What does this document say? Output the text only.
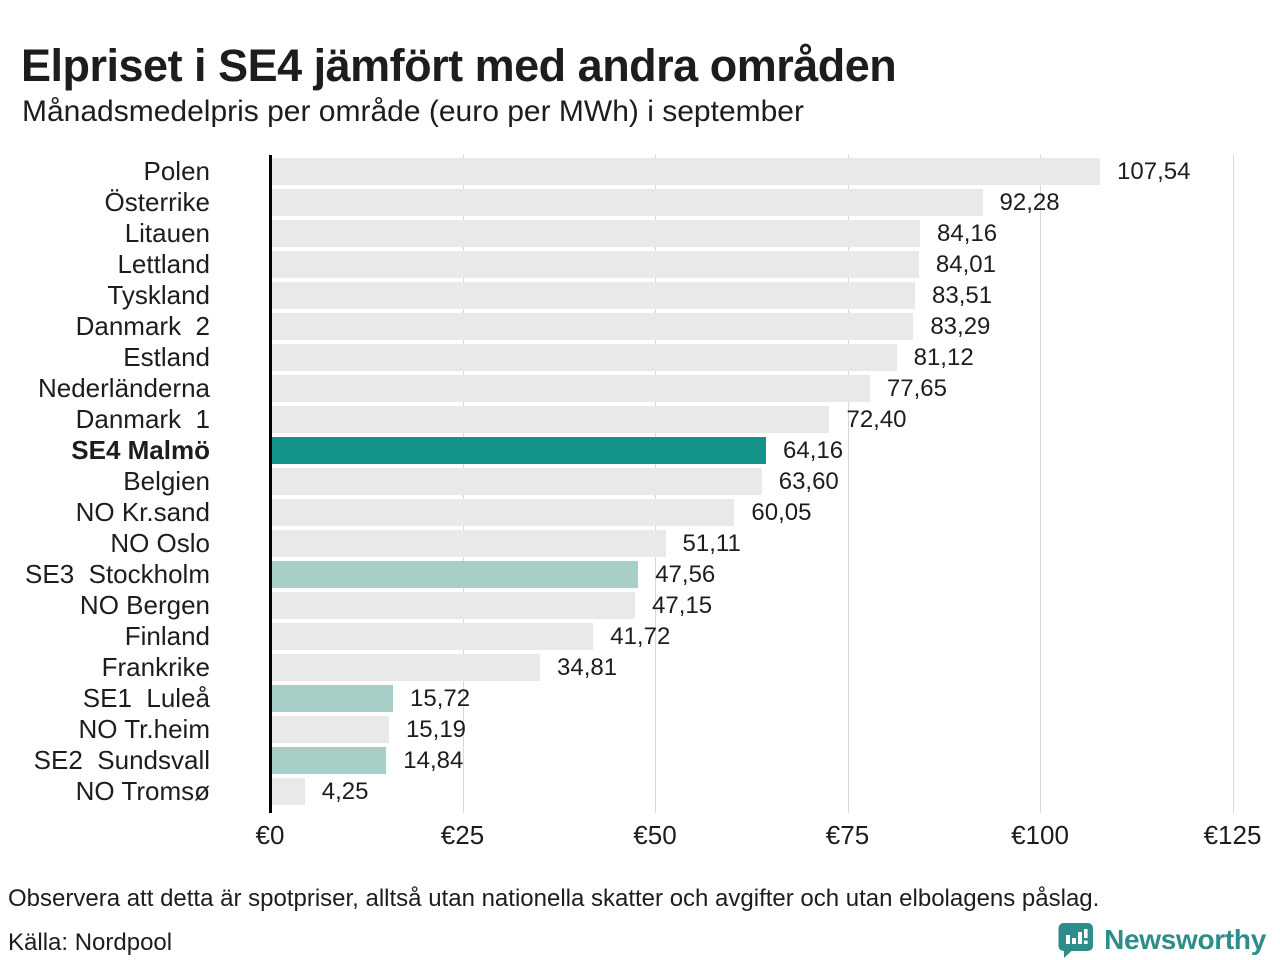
Elpriset i SE4 jämfört med andra områden
Månadsmedelpris per område (euro per MWh) i september
Polen	107,54
Österrike	92,28
Litauen	84,16
Lettland	84,01
Tyskland	83,51
Danmark  2	83,29
Estland	81,12
Nederländerna	77,65
Danmark  1	72,40
SE4 Malmö	64,16
Belgien	63,60
NO Kr.sand	60,05
NO Oslo	51,11
SE3  Stockholm	47,56
NO Bergen	47,15
Finland	41,72
Frankrike	34,81
SE1  Luleå	15,72
NO Tr.heim	15,19
SE2  Sundsvall	14,84
NO Tromsø	4,25
€0	€25	€50	€75	€100	€125
Observera att detta är spotpriser, alltså utan nationella skatter och avgifter och utan elbolagens påslag.
Källa: Nordpool	Newsworthy
